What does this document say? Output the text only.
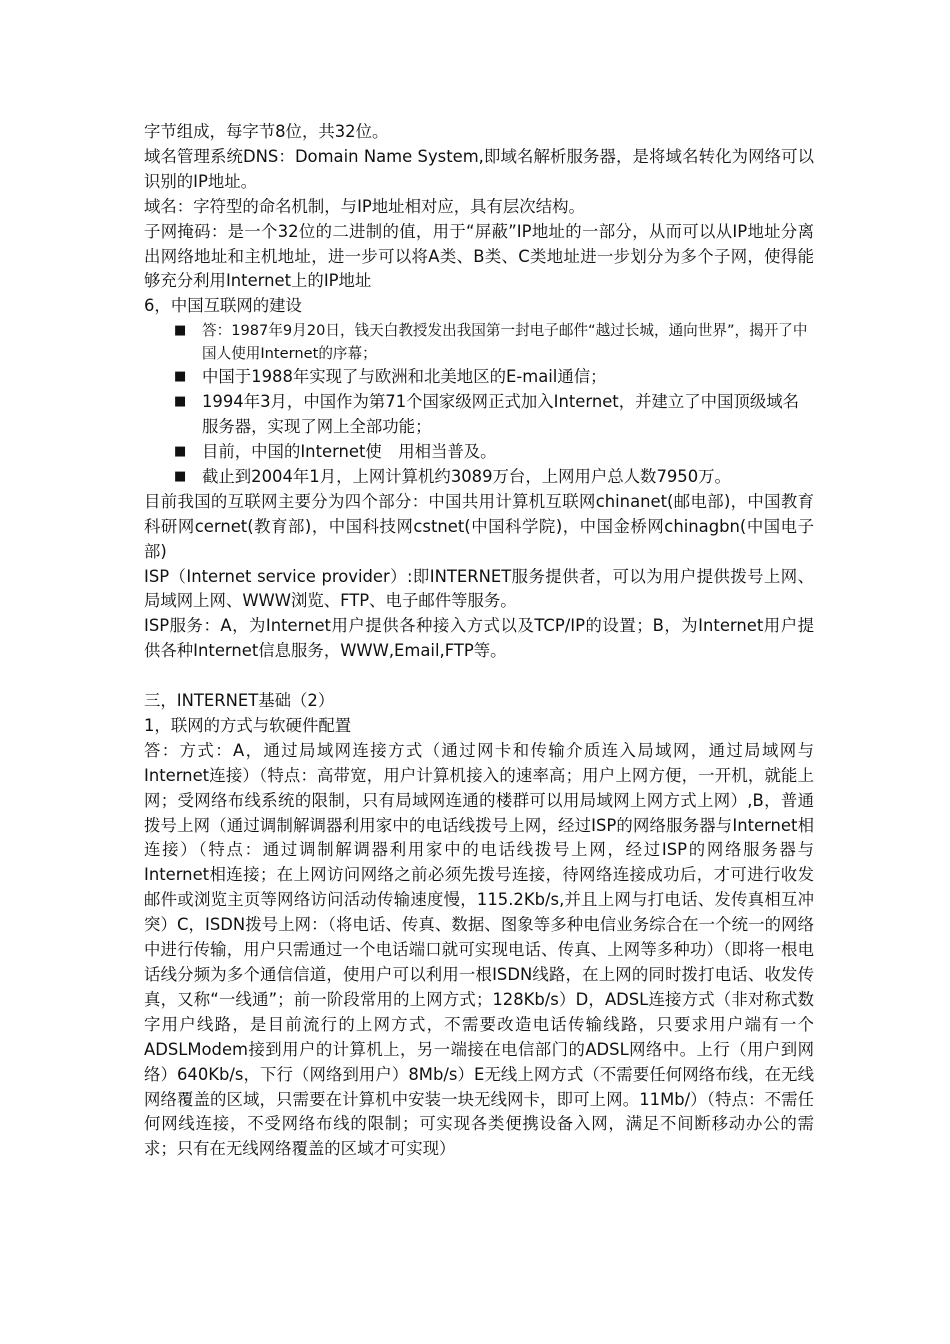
字节组成，每字节8位，共32位。

域名管理系统DNS：Domain Name System,即域名解析服务器，是将域名转化为网络可以识别的IP地址。

域名：字符型的命名机制，与IP地址相对应，具有层次结构。

子网掩码：是一个32位的二进制的值，用于“屏蔽”IP地址的一部分，从而可以从IP地址分离出网络地址和主机地址，进一步可以将A类、B类、C类地址进一步划分为多个子网，使得能够充分利用Internet上的IP地址

6，中国互联网的建设

■ 答：1987年9月20日，钱天白教授发出我国第一封电子邮件“越过长城，通向世界”，揭开了中国人使用Internet的序幕；
■ 中国于1988年实现了与欧洲和北美地区的E-mail通信；
■ 1994年3月，中国作为第71个国家级网正式加入Internet，并建立了中国顶级域名服务器，实现了网上全部功能；
■ 目前，中国的Internet使　用相当普及。
■ 截止到2004年1月，上网计算机约3089万台，上网用户总人数7950万。

目前我国的互联网主要分为四个部分：中国共用计算机互联网chinanet(邮电部)，中国教育科研网cernet(教育部)，中国科技网cstnet(中国科学院)，中国金桥网chinagbn(中国电子部)

ISP（Internet service provider）:即INTERNET服务提供者，可以为用户提供拨号上网、局域网上网、WWW浏览、FTP、电子邮件等服务。

ISP服务：A，为Internet用户提供各种接入方式以及TCP/IP的设置；B，为Internet用户提供各种Internet信息服务，WWW,Email,FTP等。

三，INTERNET基础（2）

1，联网的方式与软硬件配置

答：方式：A，通过局域网连接方式（通过网卡和传输介质连入局域网，通过局域网与Internet连接）（特点：高带宽，用户计算机接入的速率高；用户上网方便，一开机，就能上网；受网络布线系统的限制，只有局域网连通的楼群可以用局域网上网方式上网）,B，普通拨号上网（通过调制解调器利用家中的电话线拨号上网，经过ISP的网络服务器与Internet相连接）（特点：通过调制解调器利用家中的电话线拨号上网，经过ISP的网络服务器与Internet相连接；在上网访问网络之前必须先拨号连接，待网络连接成功后，才可进行收发邮件或浏览主页等网络访问活动传输速度慢，115.2Kb/s,并且上网与打电话、发传真相互冲突）C，ISDN拨号上网：（将电话、传真、数据、图象等多种电信业务综合在一个统一的网络中进行传输，用户只需通过一个电话端口就可实现电话、传真、上网等多种功）（即将一根电话线分频为多个通信信道，使用户可以利用一根ISDN线路，在上网的同时拨打电话、收发传真，又称“一线通”；前一阶段常用的上网方式；128Kb/s）D，ADSL连接方式（非对称式数字用户线路，是目前流行的上网方式，不需要改造电话传输线路，只要求用户端有一个ADSLModem接到用户的计算机上，另一端接在电信部门的ADSL网络中。上行（用户到网络）640Kb/s，下行（网络到用户）8Mb/s）E无线上网方式（不需要任何网络布线，在无线网络覆盖的区域，只需要在计算机中安装一块无线网卡，即可上网。11Mb/）（特点：不需任何网线连接，不受网络布线的限制；可实现各类便携设备入网，满足不间断移动办公的需求；只有在无线网络覆盖的区域才可实现）
